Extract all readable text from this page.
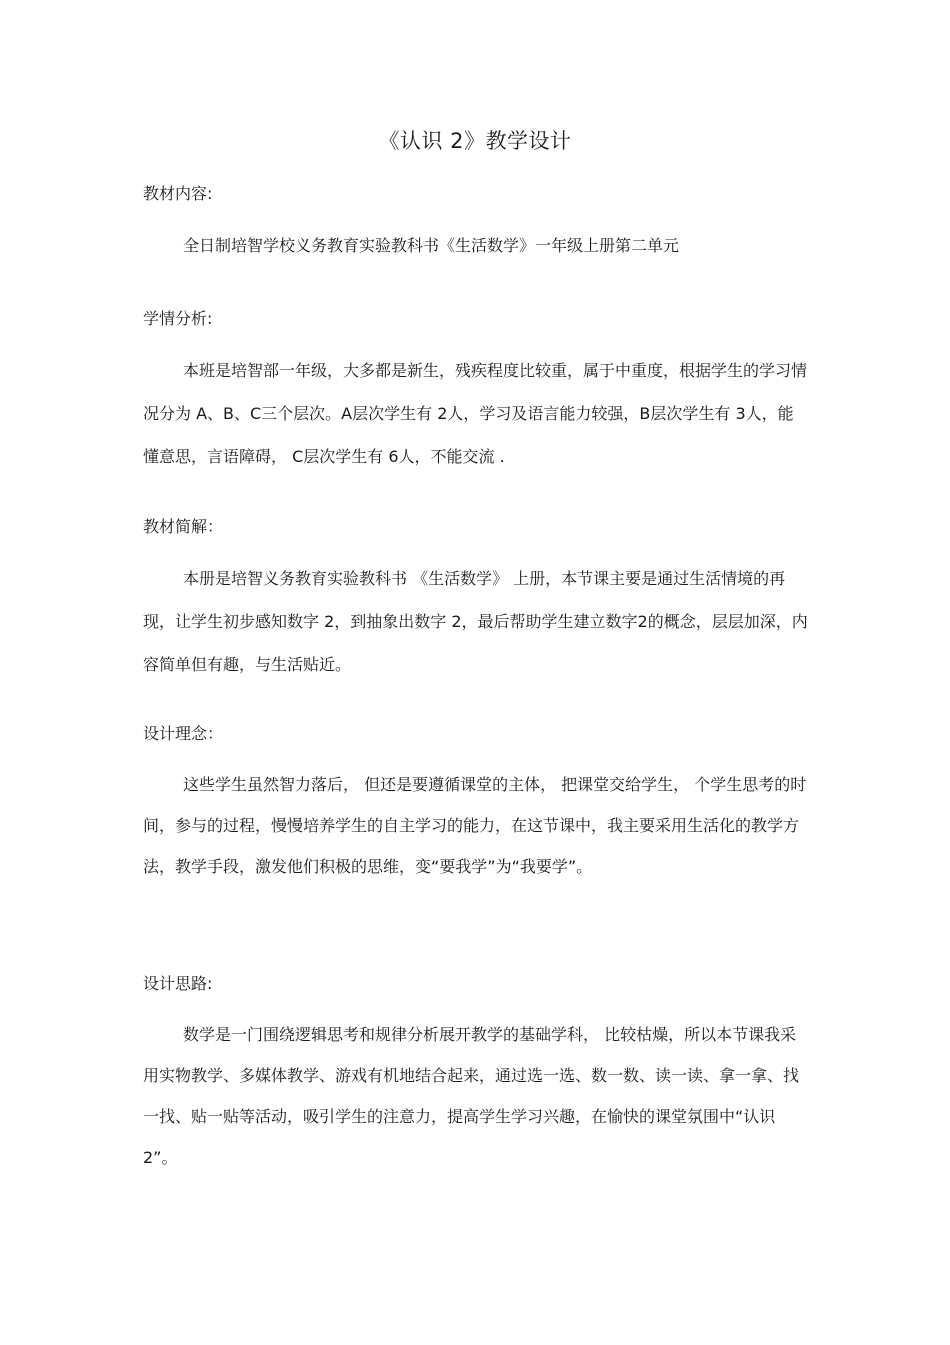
《认识 2》教学设计
教材内容:

全日制培智学校义务教育实验教科书《生活数学》一年级上册第二单元

学情分析:

本班是培智部一年级，大多都是新生，残疾程度比较重，属于中重度，根据学生的学习情况分为 A、B、C三个层次。A层次学生有 2人，学习及语言能力较强，B层次学生有 3人，能懂意思，言语障碍， C层次学生有 6人，不能交流 .

教材简解：

本册是培智义务教育实验教科书 《生活数学》 上册，本节课主要是通过生活情境的再现，让学生初步感知数字 2，到抽象出数字 2，最后帮助学生建立数字2的概念，层层加深，内容简单但有趣，与生活贴近。

设计理念：

这些学生虽然智力落后， 但还是要遵循课堂的主体， 把课堂交给学生， 个学生思考的时间，参与的过程，慢慢培养学生的自主学习的能力，在这节课中，我主要采用生活化的教学方法，教学手段，激发他们积极的思维，变“要我学”为“我要学”。

设计思路:

数学是一门围绕逻辑思考和规律分析展开教学的基础学科， 比较枯燥，所以本节课我采用实物教学、多媒体教学、游戏有机地结合起来，通过选一选、数一数、读一读、拿一拿、找一找、贴一贴等活动，吸引学生的注意力，提高学生学习兴趣，在愉快的课堂氛围中“认识 2”。
